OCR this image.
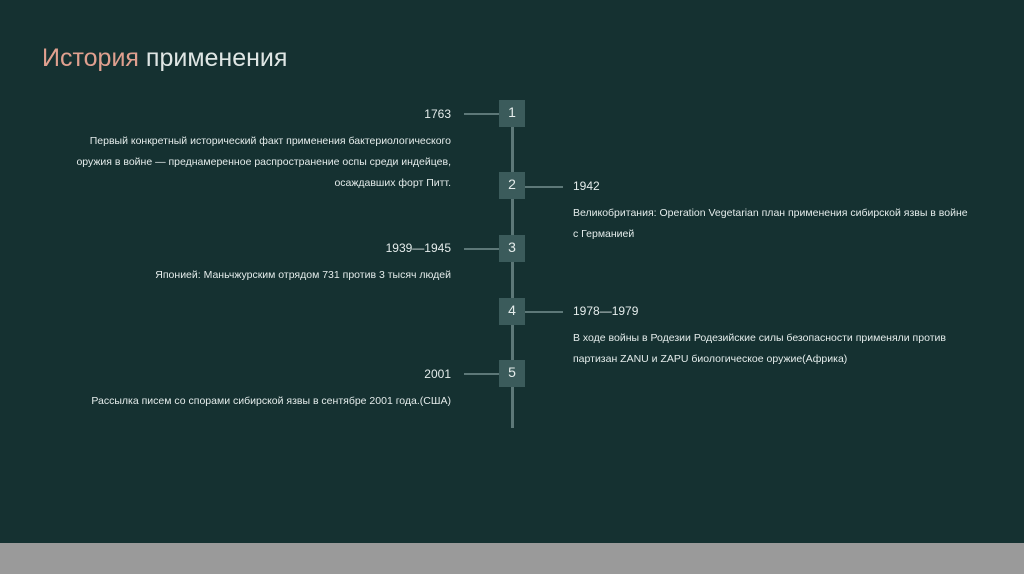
История применения
1
1763
Первый конкретный исторический факт применения бактериологического оружия в войне — преднамеренное распространение оспы среди индейцев, осаждавших форт Питт.	2	1942
Великобритания: Operation Vegetarian план применения сибирской язвы в войне с Германией
3
1939—1945
Японией: Маньчжурским отрядом 731 против 3 тысяч людей
4	1978—1979
В ходе войны в Родезии Родезийские силы безопасности применяли против партизан ZANU и ZAPU биологическое оружие(Африка)
5
2001
Рассылка писем со спорами сибирской язвы в сентябре 2001 года.(США)
